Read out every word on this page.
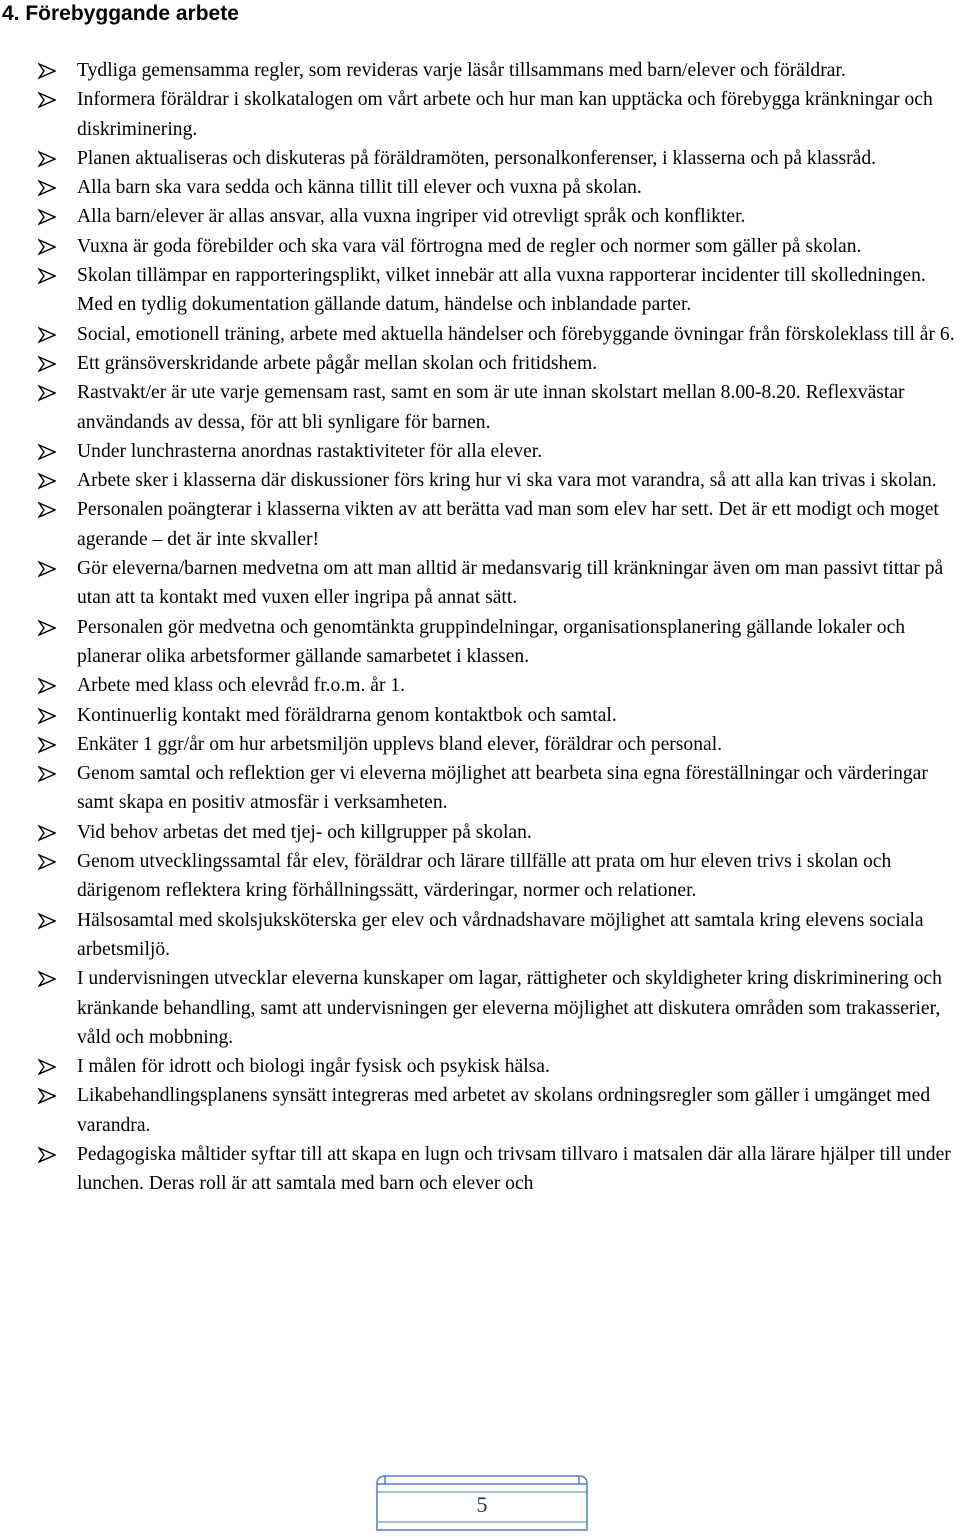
4. Förebyggande arbete
Tydliga gemensamma regler, som revideras varje läsår tillsammans med barn/elever och föräldrar.
Informera föräldrar i skolkatalogen om vårt arbete och hur man kan upptäcka och förebygga kränkningar och diskriminering.
Planen aktualiseras och diskuteras på föräldramöten, personalkonferenser, i klasserna och på klassråd.
Alla barn ska vara sedda och känna tillit till elever och vuxna på skolan.
Alla barn/elever är allas ansvar, alla vuxna ingriper vid otrevligt språk och konflikter.
Vuxna är goda förebilder och ska vara väl förtrogna med de regler och normer som gäller på skolan.
Skolan tillämpar en rapporteringsplikt, vilket innebär att alla vuxna rapporterar incidenter till skolledningen. Med en tydlig dokumentation gällande datum, händelse och inblandade parter.
Social, emotionell träning, arbete med aktuella händelser och förebyggande övningar från förskoleklass till år 6.
Ett gränsöverskridande arbete pågår mellan skolan och fritidshem.
Rastvakt/er är ute varje gemensam rast, samt en som är ute innan skolstart mellan 8.00-8.20. Reflexvästar användands av dessa, för att bli synligare för barnen.
Under lunchrasterna anordnas rastaktiviteter för alla elever.
Arbete sker i klasserna där diskussioner förs kring hur vi ska vara mot varandra, så att alla kan trivas i skolan.
Personalen poängterar i klasserna vikten av att berätta vad man som elev har sett. Det är ett modigt och moget agerande – det är inte skvaller!
Gör eleverna/barnen medvetna om att man alltid är medansvarig till kränkningar även om man passivt tittar på utan att ta kontakt med vuxen eller ingripa på annat sätt.
Personalen gör medvetna och genomtänkta gruppindelningar, organisationsplanering gällande lokaler och planerar olika arbetsformer gällande samarbetet i klassen.
Arbete med klass och elevråd fr.o.m. år 1.
Kontinuerlig kontakt med föräldrarna genom kontaktbok och samtal.
Enkäter 1 ggr/år om hur arbetsmiljön upplevs bland elever, föräldrar och personal.
Genom samtal och reflektion ger vi eleverna möjlighet att bearbeta sina egna föreställningar och värderingar samt skapa en positiv atmosfär i verksamheten.
Vid behov arbetas det med tjej- och killgrupper på skolan.
Genom utvecklingssamtal får elev, föräldrar och lärare tillfälle att prata om hur eleven trivs i skolan och därigenom reflektera kring förhållningssätt, värderingar, normer och relationer.
Hälsosamtal med skolsjuksköterska ger elev och vårdnadshavare möjlighet att samtala kring elevens sociala arbetsmiljö.
I undervisningen utvecklar eleverna kunskaper om lagar, rättigheter och skyldigheter kring diskriminering och kränkande behandling, samt att undervisningen ger eleverna möjlighet att diskutera områden som trakasserier, våld och mobbning.
I målen för idrott och biologi ingår fysisk och psykisk hälsa.
Likabehandlingsplanens synsätt integreras med arbetet av skolans ordningsregler som gäller i umgänget med varandra.
Pedagogiska måltider syftar till att skapa en lugn och trivsam tillvaro i matsalen där alla lärare hjälper till under lunchen. Deras roll är att samtala med barn och elever och
5
